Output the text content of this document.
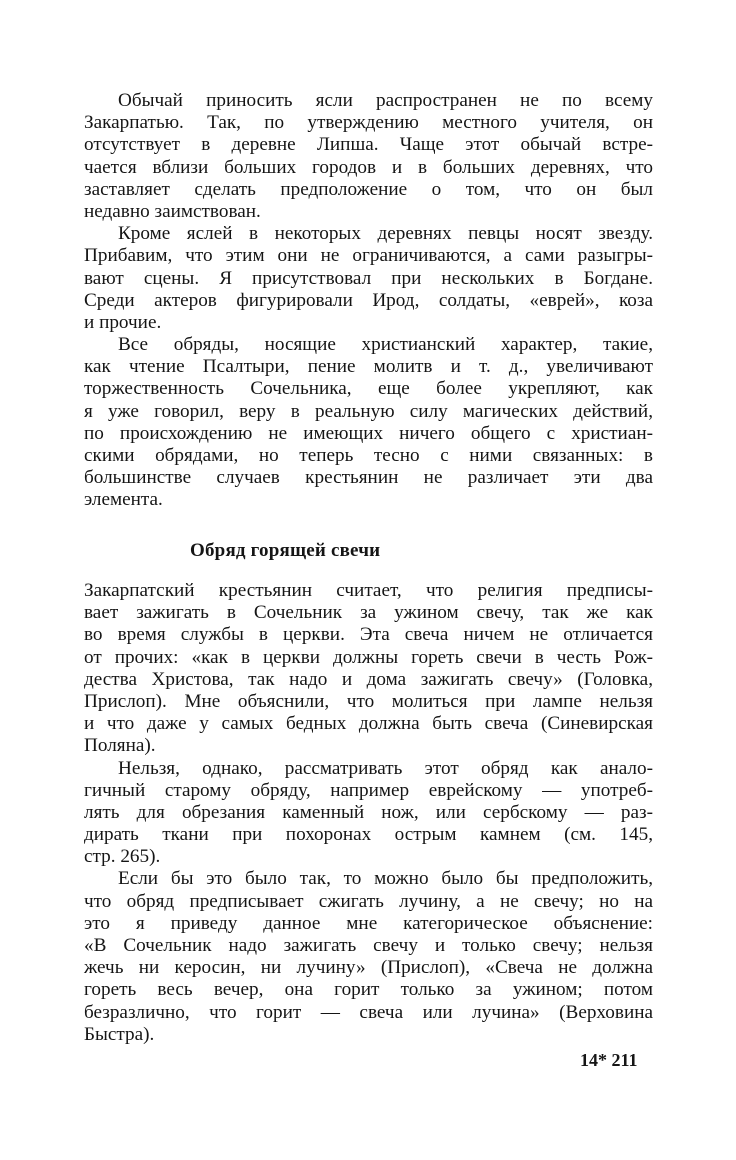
Обычай приносить ясли распространен не по всему
Закарпатью. Так, по утверждению местного учителя, он
отсутствует в деревне Липша. Чаще этот обычай встре-
чается вблизи больших городов и в больших деревнях, что
заставляет сделать предположение о том, что он был
недавно заимствован.
Кроме яслей в некоторых деревнях певцы носят звезду.
Прибавим, что этим они не ограничиваются, а сами разыгры-
вают сцены. Я присутствовал при нескольких в Богдане.
Среди актеров фигурировали Ирод, солдаты, «еврей», коза
и прочие.
Все обряды, носящие христианский характер, такие,
как чтение Псалтыри, пение молитв и т. д., увеличивают
торжественность Сочельника, еще более укрепляют, как
я уже говорил, веру в реальную силу магических действий,
по происхождению не имеющих ничего общего с христиан-
скими обрядами, но теперь тесно с ними связанных: в
большинстве случаев крестьянин не различает эти два
элемента.
Обряд горящей свечи
Закарпатский крестьянин считает, что религия предписы-
вает зажигать в Сочельник за ужином свечу, так же как
во время службы в церкви. Эта свеча ничем не отличается
от прочих: «как в церкви должны гореть свечи в честь Рож-
дества Христова, так надо и дома зажигать свечу» (Головка,
Прислоп). Мне объяснили, что молиться при лампе нельзя
и что даже у самых бедных должна быть свеча (Синевирская
Поляна).
Нельзя, однако, рассматривать этот обряд как анало-
гичный старому обряду, например еврейскому — употреб-
лять для обрезания каменный нож, или сербскому — раз-
дирать ткани при похоронах острым камнем (см. 145,
стр. 265).
Если бы это было так, то можно было бы предположить,
что обряд предписывает сжигать лучину, а не свечу; но на
это я приведу данное мне категорическое объяснение:
«В Сочельник надо зажигать свечу и только свечу; нельзя
жечь ни керосин, ни лучину» (Прислоп), «Свеча не должна
гореть весь вечер, она горит только за ужином; потом
безразлично, что горит — свеча или лучина» (Верховина
Быстра).
14* 211
